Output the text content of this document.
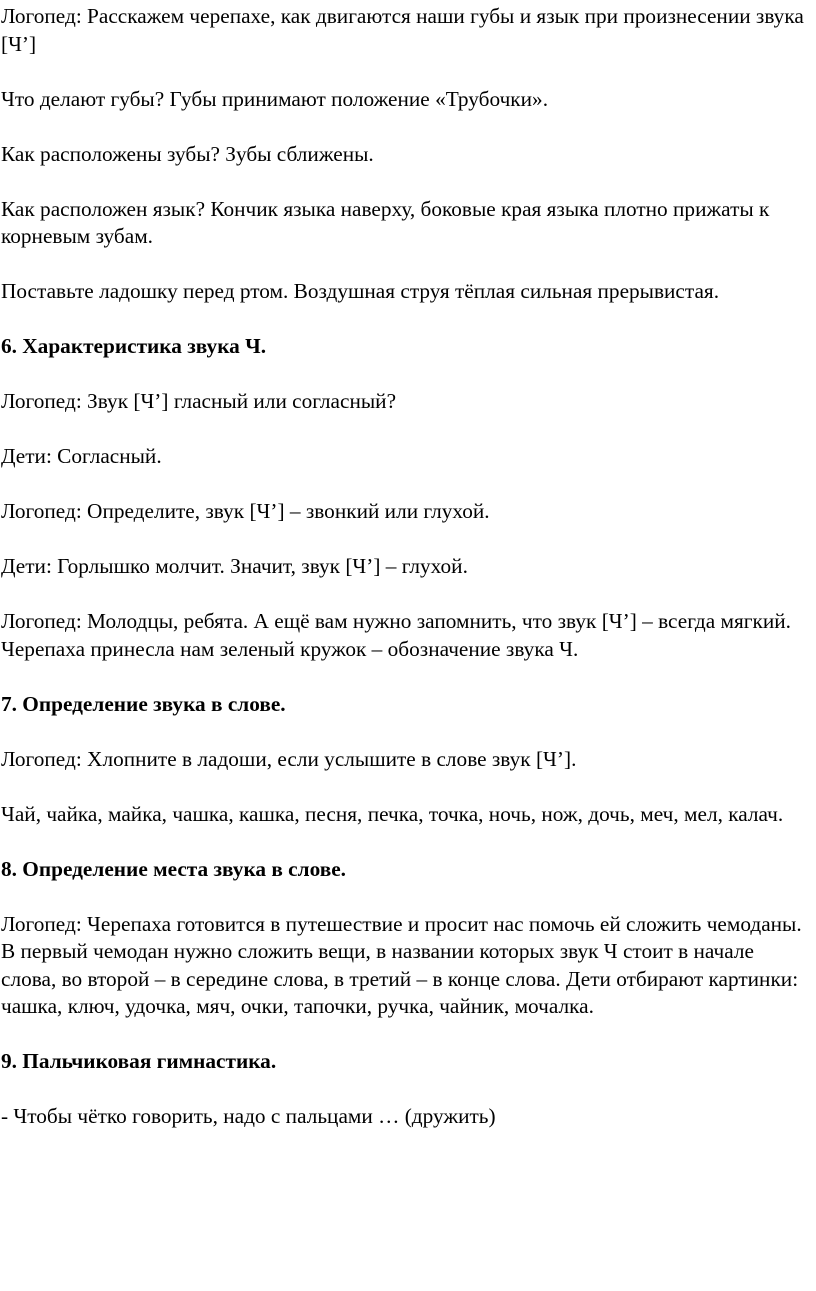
Логопед: Расскажем черепахе, как двигаются наши губы и язык при произнесении звука [Ч’]

Что делают губы? Губы принимают положение «Трубочки».

Как расположены зубы? Зубы сближены.

Как расположен язык? Кончик языка наверху, боковые края языка плотно прижаты к корневым зубам.

Поставьте ладошку перед ртом. Воздушная струя тёплая сильная прерывистая.

6. Характеристика звука Ч.

Логопед: Звук [Ч’] гласный или согласный?

Дети: Согласный.

Логопед: Определите, звук [Ч’] – звонкий или глухой.

Дети: Горлышко молчит. Значит, звук [Ч’] – глухой.

Логопед: Молодцы, ребята. А ещё вам нужно запомнить, что звук [Ч’] – всегда мягкий. Черепаха принесла нам зеленый кружок – обозначение звука Ч.

7. Определение звука в слове.

Логопед: Хлопните в ладоши, если услышите в слове звук [Ч’].

Чай, чайка, майка, чашка, кашка, песня, печка, точка, ночь, нож, дочь, меч, мел, калач.

8. Определение места звука в слове.

Логопед: Черепаха готовится в путешествие и просит нас помочь ей сложить чемоданы. В первый чемодан нужно сложить вещи, в названии которых звук Ч стоит в начале слова, во второй – в середине слова, в третий – в конце слова. Дети отбирают картинки: чашка, ключ, удочка, мяч, очки, тапочки, ручка, чайник, мочалка.

9. Пальчиковая гимнастика.

- Чтобы чётко говорить, надо с пальцами … (дружить)
